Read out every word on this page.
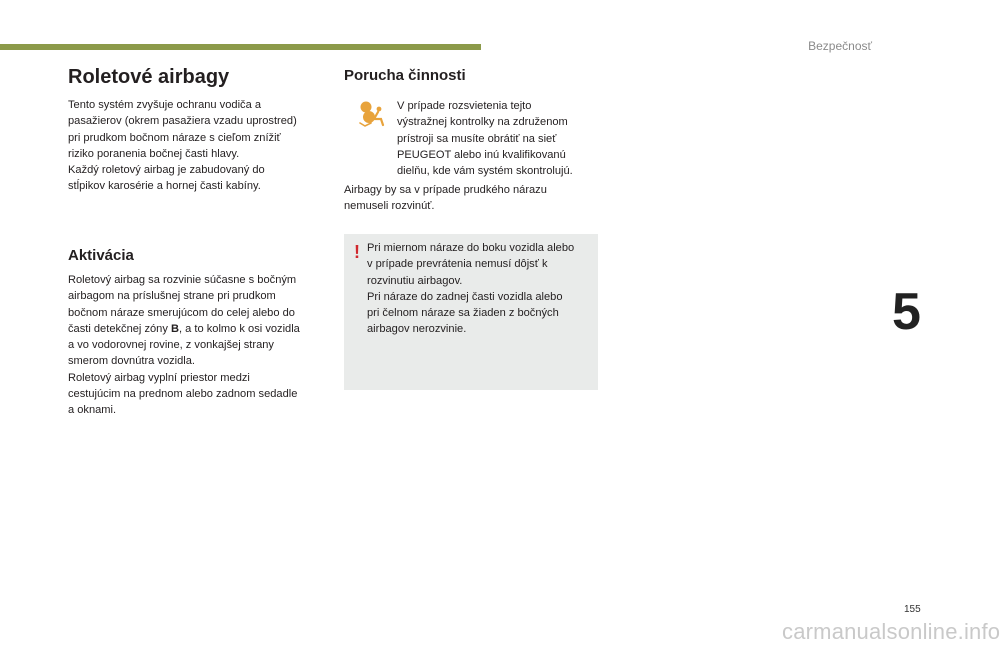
Bezpečnosť
5
155
carmanualsonline.info
Roletové airbagy
Tento systém zvyšuje ochranu vodiča a
pasažierov (okrem pasažiera vzadu uprostred)
pri prudkom bočnom náraze s cieľom znížiť
riziko poranenia bočnej časti hlavy.
Každý roletový airbag je zabudovaný do
stĺpikov karosérie a hornej časti kabíny.
Aktivácia
Roletový airbag sa rozvinie súčasne s bočným
airbagom na príslušnej strane pri prudkom
bočnom náraze smerujúcom do celej alebo do
časti detekčnej zóny B, a to kolmo k osi vozidla
a vo vodorovnej rovine, z vonkajšej strany
smerom dovnútra vozidla.
Roletový airbag vyplní priestor medzi
cestujúcim na prednom alebo zadnom sedadle
a oknami.
Porucha činnosti
V prípade rozsvietenia tejto
výstražnej kontrolky na združenom
prístroji sa musíte obrátiť na sieť
PEUGEOT alebo inú kvalifikovanú
dielňu, kde vám systém skontrolujú.
Airbagy by sa v prípade prudkého nárazu
nemuseli rozvinúť.
! Pri miernom náraze do boku vozidla alebo
v prípade prevrátenia nemusí dôjsť k
rozvinutiu airbagov.
Pri náraze do zadnej časti vozidla alebo
pri čelnom náraze sa žiaden z bočných
airbagov nerozvinie.
